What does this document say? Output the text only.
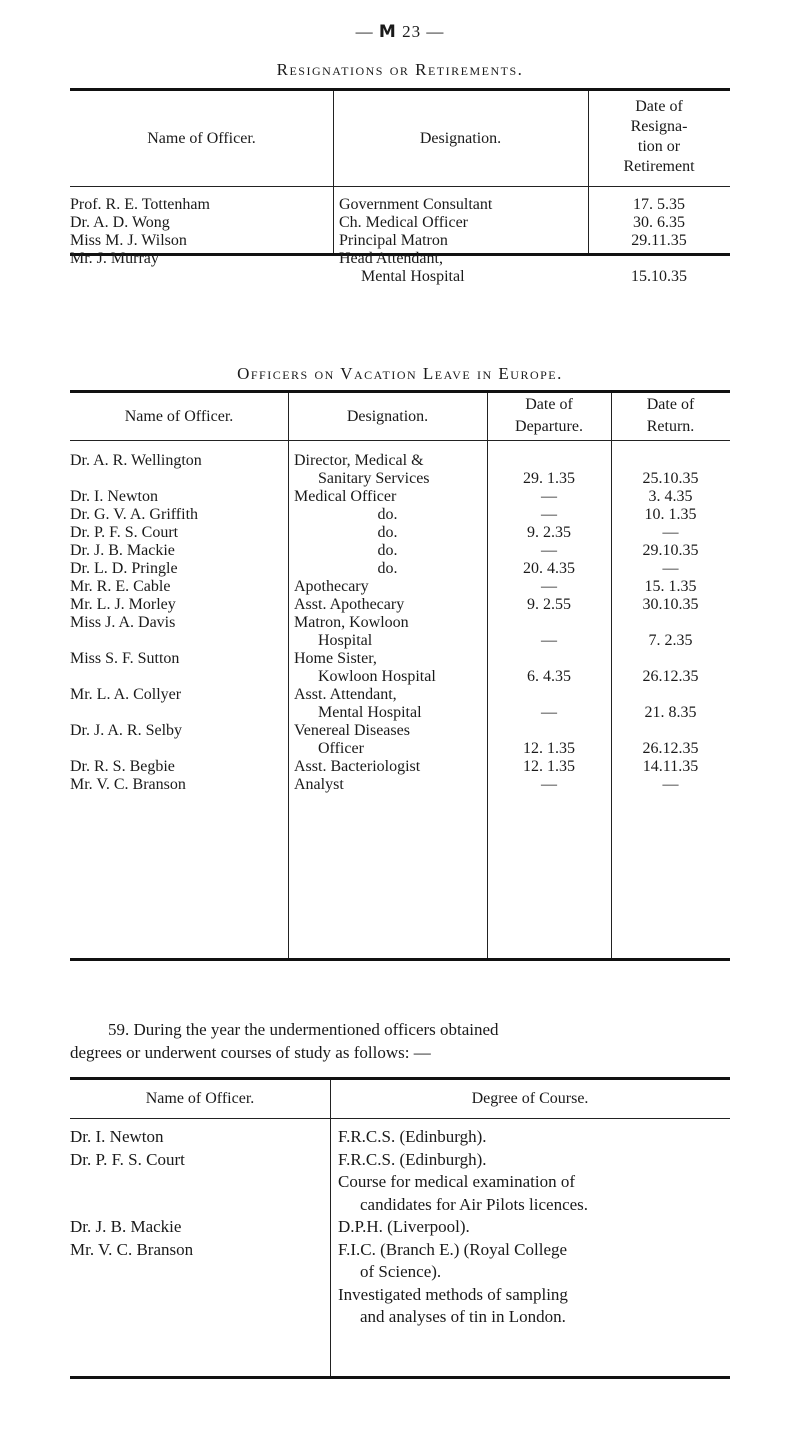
— M 23 —
Resignations or Retirements.
Name of Officer.	Designation.
Date of
Resigna-
tion or
Retirement
Prof. R. E. Tottenham	Government Consultant	17. 5.35
Dr. A. D. Wong	Ch. Medical Officer	30. 6.35
Miss M. J. Wilson	Principal Matron	29.11.35
Mr. J. Murray	Head Attendant,
Mental Hospital	15.10.35
Officers on Vacation Leave in Europe.
Name of Officer.	Designation.
Date of
Departure.
Date of
Return.
Dr. A. R. Wellington	Director, Medical &
Sanitary Services	29. 1.35	25.10.35
Dr. I. Newton	Medical Officer	—	3. 4.35
Dr. G. V. A. Griffith	do.	—	10. 1.35
Dr. P. F. S. Court	do.	9. 2.35	—
Dr. J. B. Mackie	do.	—	29.10.35
Dr. L. D. Pringle	do.	20. 4.35	—
Mr. R. E. Cable	Apothecary	—	15. 1.35
Mr. L. J. Morley	Asst. Apothecary	9. 2.55	30.10.35
Miss J. A. Davis	Matron, Kowloon
Hospital	—	7. 2.35
Miss S. F. Sutton	Home Sister,
Kowloon Hospital	6. 4.35	26.12.35
Mr. L. A. Collyer	Asst. Attendant,
Mental Hospital	—	21. 8.35
Dr. J. A. R. Selby	Venereal Diseases
Officer	12. 1.35	26.12.35
Dr. R. S. Begbie	Asst. Bacteriologist	12. 1.35	14.11.35
Mr. V. C. Branson	Analyst	—	—
59. During the year the undermentioned officers obtained
degrees or underwent courses of study as follows: —
Name of Officer.	Degree of Course.
Dr. I. Newton	F.R.C.S. (Edinburgh).
Dr. P. F. S. Court	F.R.C.S. (Edinburgh).
Course for medical examination of
candidates for Air Pilots licences.
Dr. J. B. Mackie	D.P.H. (Liverpool).
Mr. V. C. Branson	F.I.C. (Branch E.) (Royal College
of Science).
Investigated methods of sampling
and analyses of tin in London.
